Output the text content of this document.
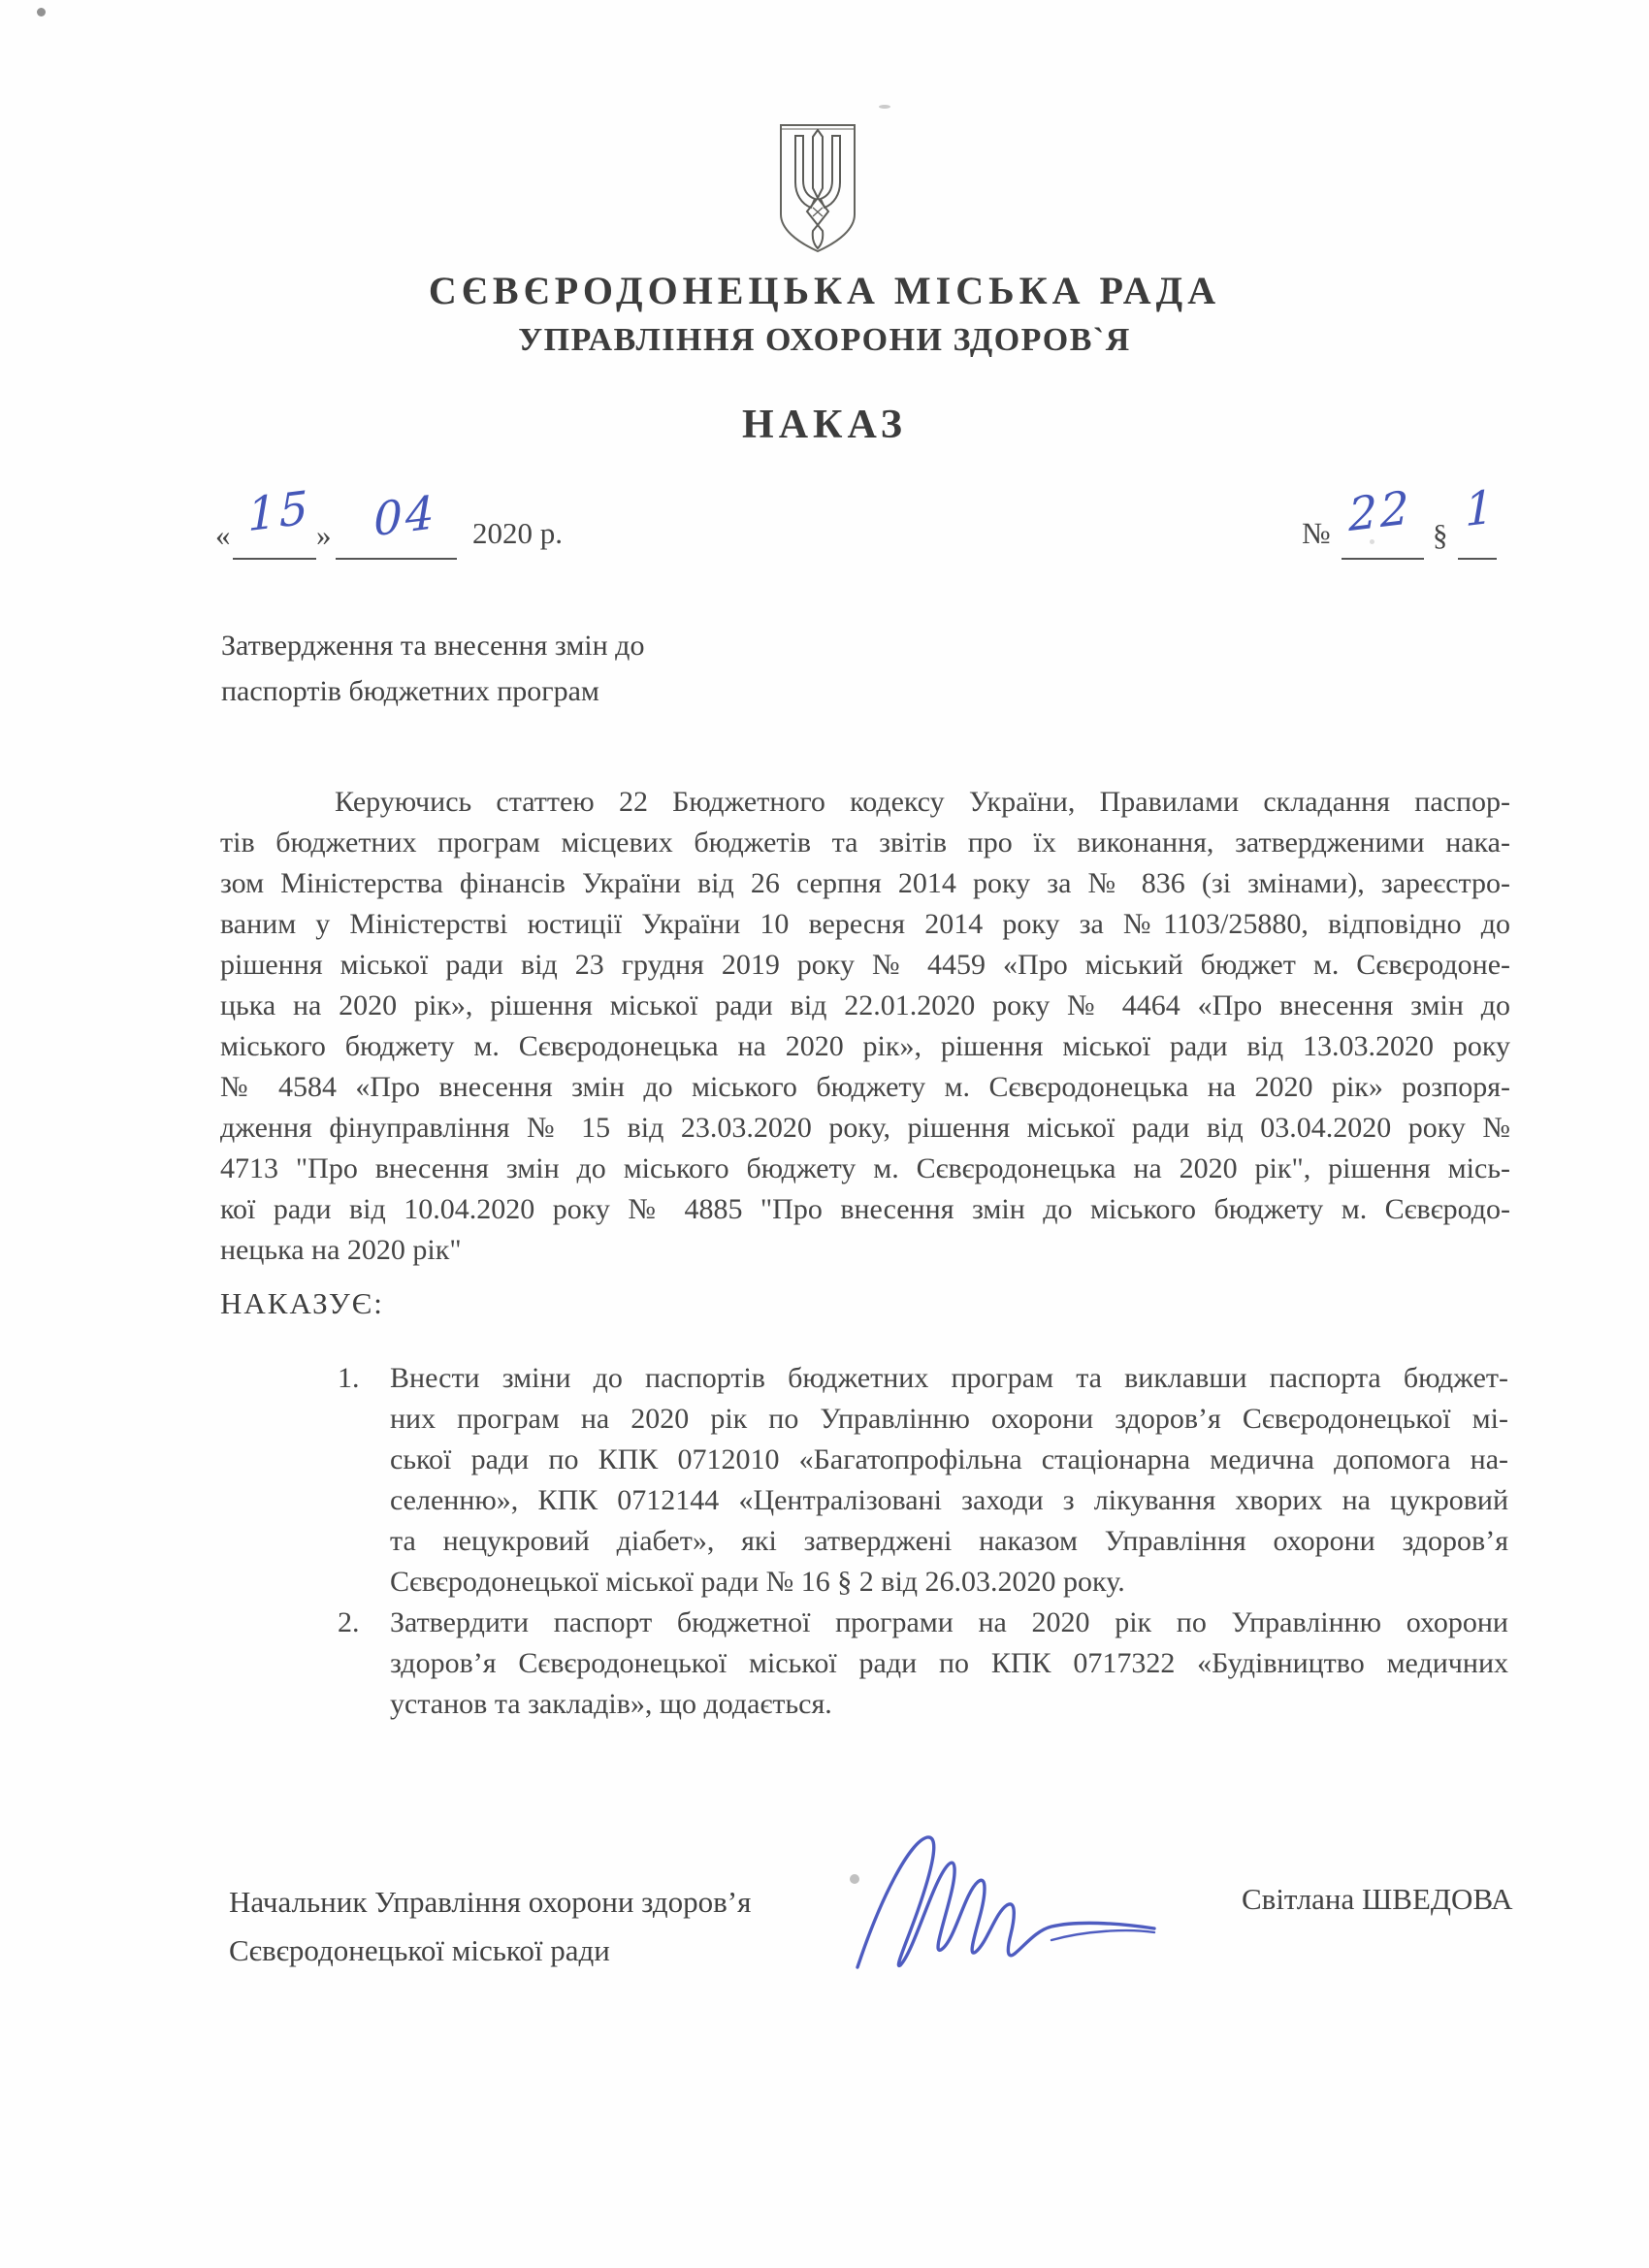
СЄВЄРОДОНЕЦЬКА МІСЬКА РАДА
УПРАВЛІННЯ ОХОРОНИ ЗДОРОВ`Я
НАКАЗ
« 15 » 04 2020 р.	№ 22 § 1
Затвердження та внесення змін до
паспортів бюджетних програм
Керуючись статтею 22 Бюджетного кодексу України, Правилами складання паспор-
тів бюджетних програм місцевих бюджетів та звітів про їх виконання, затвердженими нака-
зом Міністерства фінансів України від 26 серпня 2014 року за № 836 (зі змінами), зареєстро-
ваним у Міністерстві юстиції України 10 вересня 2014 року за №1103/25880, відповідно до
рішення міської ради від 23 грудня 2019 року № 4459 «Про міський бюджет м. Сєвєродоне-
цька на 2020 рік», рішення міської ради від 22.01.2020 року № 4464 «Про внесення змін до
міського бюджету м. Сєвєродонецька на 2020 рік», рішення міської ради від 13.03.2020 року
№ 4584 «Про внесення змін до міського бюджету м. Сєвєродонецька на 2020 рік» розпоря-
дження фінуправління № 15 від 23.03.2020 року, рішення міської ради від 03.04.2020 року №
4713 "Про внесення змін до міського бюджету м. Сєвєродонецька на 2020 рік", рішення місь-
кої ради від 10.04.2020 року № 4885 "Про внесення змін до міського бюджету м. Сєвєродо-
нецька на 2020 рік"
НАКАЗУЄ:
1. Внести зміни до паспортів бюджетних програм та виклавши паспорта бюджет-
них програм на 2020 рік по Управлінню охорони здоров’я Сєвєродонецької мі-
ської ради по КПК 0712010 «Багатопрофільна стаціонарна медична допомога на-
селенню», КПК 0712144 «Централізовані заходи з лікування хворих на цукровий
та нецукровий діабет», які затверджені наказом Управління охорони здоров’я
Сєвєродонецької міської ради № 16 § 2 від 26.03.2020 року.
2. Затвердити паспорт бюджетної програми на 2020 рік по Управлінню охорони
здоров’я Сєвєродонецької міської ради по КПК 0717322 «Будівництво медичних
установ та закладів», що додається.
Начальник Управління охорони здоров’я
Сєвєродонецької міської ради
Світлана ШВЕДОВА
